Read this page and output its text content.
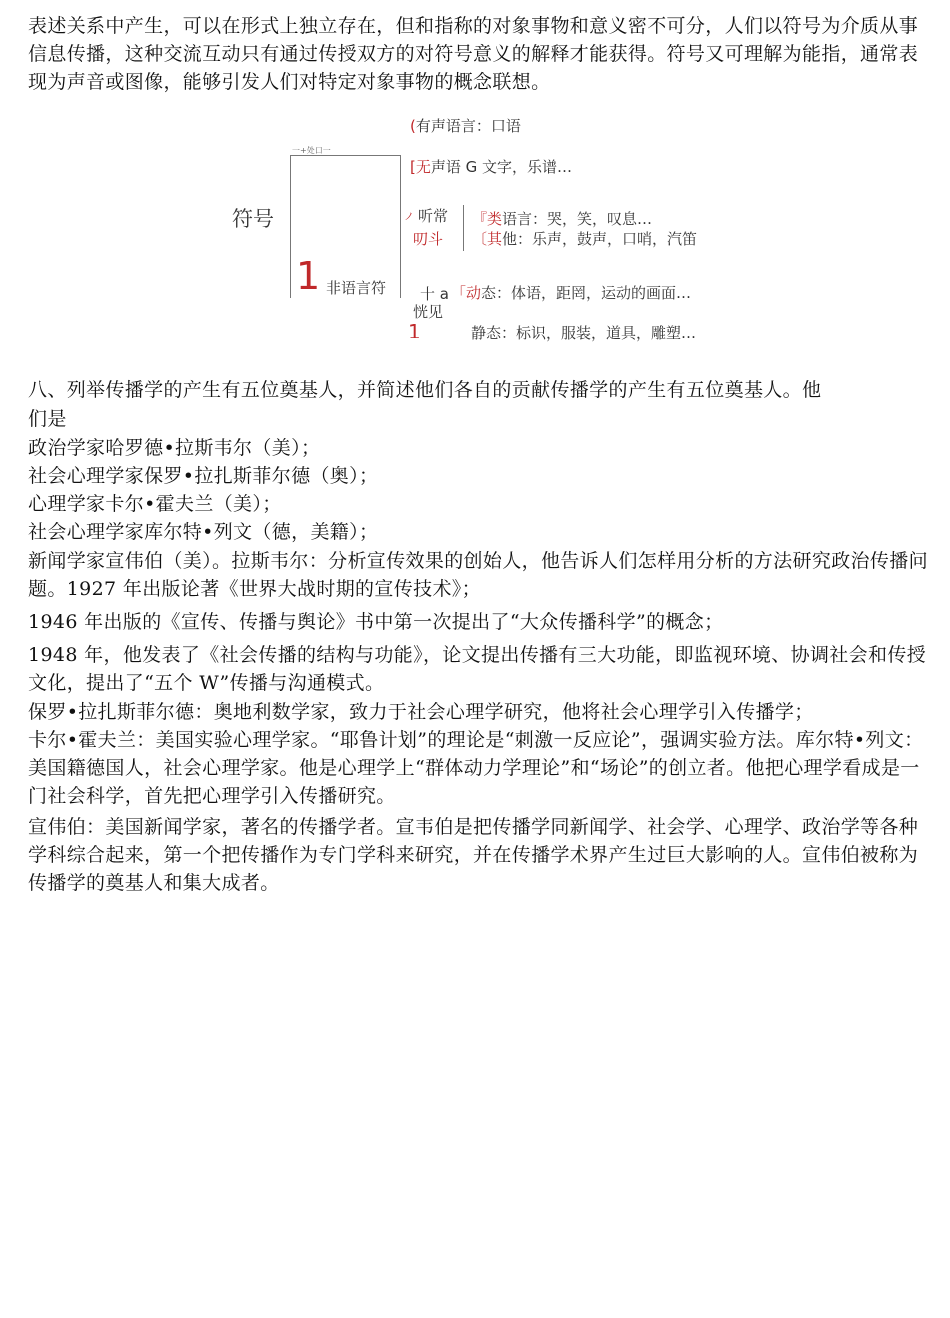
表述关系中产生，可以在形式上独立存在，但和指称的对象事物和意义密不可分，人们以符号为介质从事信息传播，这种交流互动只有通过传授双方的对符号意义的解释才能获得。符号又可理解为能指，通常表现为声音或图像，能够引发人们对特定对象事物的概念联想。

符号
一+处口一
(有声语言：口语
[无声语 G 文字，乐谱…
ノ 听常
叨斗
『类语言：哭，笑，叹息…
〔其他：乐声，鼓声，口哨，汽笛
1 非语言符 十 a 「动态：体语，距罔，运动的画面…
恍见
1	静态：标识，服装，道具，雕塑…

八、列举传播学的产生有五位奠基人，并简述他们各自的贡献传播学的产生有五位奠基人。他

们是

政治学家哈罗德•拉斯韦尔（美）；

社会心理学家保罗•拉扎斯菲尔德（奥）；

心理学家卡尔•霍夫兰（美）；

社会心理学家库尔特•列文（德，美籍）；

新闻学家宣伟伯（美）。拉斯韦尔：分析宣传效果的创始人，他告诉人们怎样用分析的方法研究政治传播问题。1927 年出版论著《世界大战时期的宣传技术》；

1946 年出版的《宣传、传播与舆论》书中第一次提出了“大众传播科学”的概念；

1948 年，他发表了《社会传播的结构与功能》，论文提出传播有三大功能，即监视环境、协调社会和传授文化，提出了“五个 W”传播与沟通模式。

保罗•拉扎斯菲尔德：奥地利数学家，致力于社会心理学研究，他将社会心理学引入传播学；

卡尔•霍夫兰：美国实验心理学家。“耶鲁计划”的理论是“刺激一反应论”，强调实验方法。库尔特•列文：美国籍德国人，社会心理学家。他是心理学上“群体动力学理论”和“场论”的创立者。他把心理学看成是一门社会科学，首先把心理学引入传播研究。

宣伟伯：美国新闻学家，著名的传播学者。宣韦伯是把传播学同新闻学、社会学、心理学、政治学等各种学科综合起来，第一个把传播作为专门学科来研究，并在传播学术界产生过巨大影响的人。宣伟伯被称为传播学的奠基人和集大成者。
